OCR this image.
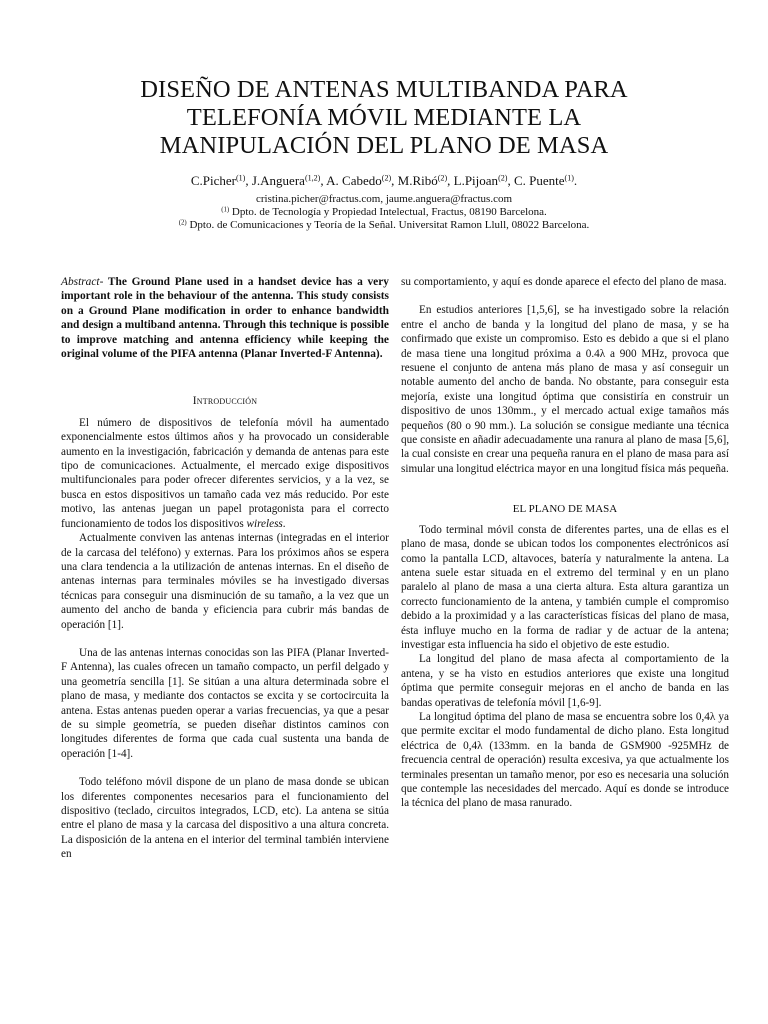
DISEÑO DE ANTENAS MULTIBANDA PARA
TELEFONÍA MÓVIL MEDIANTE LA
MANIPULACIÓN DEL PLANO DE MASA
C.Picher$^{(1)}$, J.Anguera$^{(1,2)}$, A. Cabedo$^{(2)}$, M.Ribó$^{(2)}$, L.Pijoan$^{(2)}$, C. Puente$^{(1)}$.
cristina.picher@fractus.com, jaume.anguera@fractus.com
$^{(1)}$ Dpto. de Tecnología y Propiedad Intelectual, Fractus, 08190 Barcelona.
$^{(2)}$ Dpto. de Comunicaciones y Teoría de la Señal. Universitat Ramon Llull, 08022 Barcelona.

Abstract- The Ground Plane used in a handset device has a very important role in the behaviour of the antenna. This study consists on a Ground Plane modification in order to enhance bandwidth and design a multiband antenna. Through this technique is possible to improve matching and antenna efficiency while keeping the original volume of the PIFA antenna (Planar Inverted-F Antenna).

Introducción

El número de dispositivos de telefonía móvil ha aumentado exponencialmente estos últimos años y ha provocado un considerable aumento en la investigación, fabricación y demanda de antenas para este tipo de comunicaciones. Actualmente, el mercado exige dispositivos multifuncionales para poder ofrecer diferentes servicios, y a la vez, se busca en estos dispositivos un tamaño cada vez más reducido. Por este motivo, las antenas juegan un papel protagonista para el correcto funcionamiento de todos los dispositivos wireless.

Actualmente conviven las antenas internas (integradas en el interior de la carcasa del teléfono) y externas. Para los próximos años se espera una clara tendencia a la utilización de antenas internas. En el diseño de antenas internas para terminales móviles se ha investigado diversas técnicas para conseguir una disminución de su tamaño, a la vez que un aumento del ancho de banda y eficiencia para cubrir más bandas de operación [1].

Una de las antenas internas conocidas son las PIFA (Planar Inverted-F Antenna), las cuales ofrecen un tamaño compacto, un perfil delgado y una geometría sencilla [1]. Se sitúan a una altura determinada sobre el plano de masa, y mediante dos contactos se excita y se cortocircuita la antena. Estas antenas pueden operar a varias frecuencias, ya que a pesar de su simple geometría, se pueden diseñar distintos caminos con longitudes diferentes de forma que cada cual sustenta una banda de operación [1-4].

Todo teléfono móvil dispone de un plano de masa donde se ubican los diferentes componentes necesarios para el funcionamiento del dispositivo (teclado, circuitos integrados, LCD, etc). La antena se sitúa entre el plano de masa y la carcasa del dispositivo a una altura concreta. La disposición de la antena en el interior del terminal también interviene en

su comportamiento, y aquí es donde aparece el efecto del plano de masa.

En estudios anteriores [1,5,6], se ha investigado sobre la relación entre el ancho de banda y la longitud del plano de masa, y se ha confirmado que existe un compromiso. Esto es debido a que si el plano de masa tiene una longitud próxima a 0.4λ a 900 MHz, provoca que resuene el conjunto de antena más plano de masa y así conseguir un notable aumento del ancho de banda. No obstante, para conseguir esta mejoría, existe una longitud óptima que consistiría en construir un dispositivo de unos 130mm., y el mercado actual exige tamaños más pequeños (80 o 90 mm.). La solución se consigue mediante una técnica que consiste en añadir adecuadamente una ranura al plano de masa [5,6], la cual consiste en crear una pequeña ranura en el plano de masa para así simular una longitud eléctrica mayor en una longitud física más pequeña.

EL PLANO DE MASA

Todo terminal móvil consta de diferentes partes, una de ellas es el plano de masa, donde se ubican todos los componentes electrónicos así como la pantalla LCD, altavoces, batería y naturalmente la antena. La antena suele estar situada en el extremo del terminal y en un plano paralelo al plano de masa a una cierta altura. Esta altura garantiza un correcto funcionamiento de la antena, y también cumple el compromiso debido a la proximidad y a las características físicas del plano de masa, ésta influye mucho en la forma de radiar y de actuar de la antena; investigar esta influencia ha sido el objetivo de este estudio.

La longitud del plano de masa afecta al comportamiento de la antena, y se ha visto en estudios anteriores que existe una longitud óptima que permite conseguir mejoras en el ancho de banda en las bandas operativas de telefonía móvil [1,6-9].

La longitud óptima del plano de masa se encuentra sobre los 0,4λ ya que permite excitar el modo fundamental de dicho plano. Esta longitud eléctrica de 0,4λ (133mm. en la banda de GSM900 -925MHz de frecuencia central de operación) resulta excesiva, ya que actualmente los terminales presentan un tamaño menor, por eso es necesaria una solución que contemple las necesidades del mercado. Aquí es donde se introduce la técnica del plano de masa ranurado.
